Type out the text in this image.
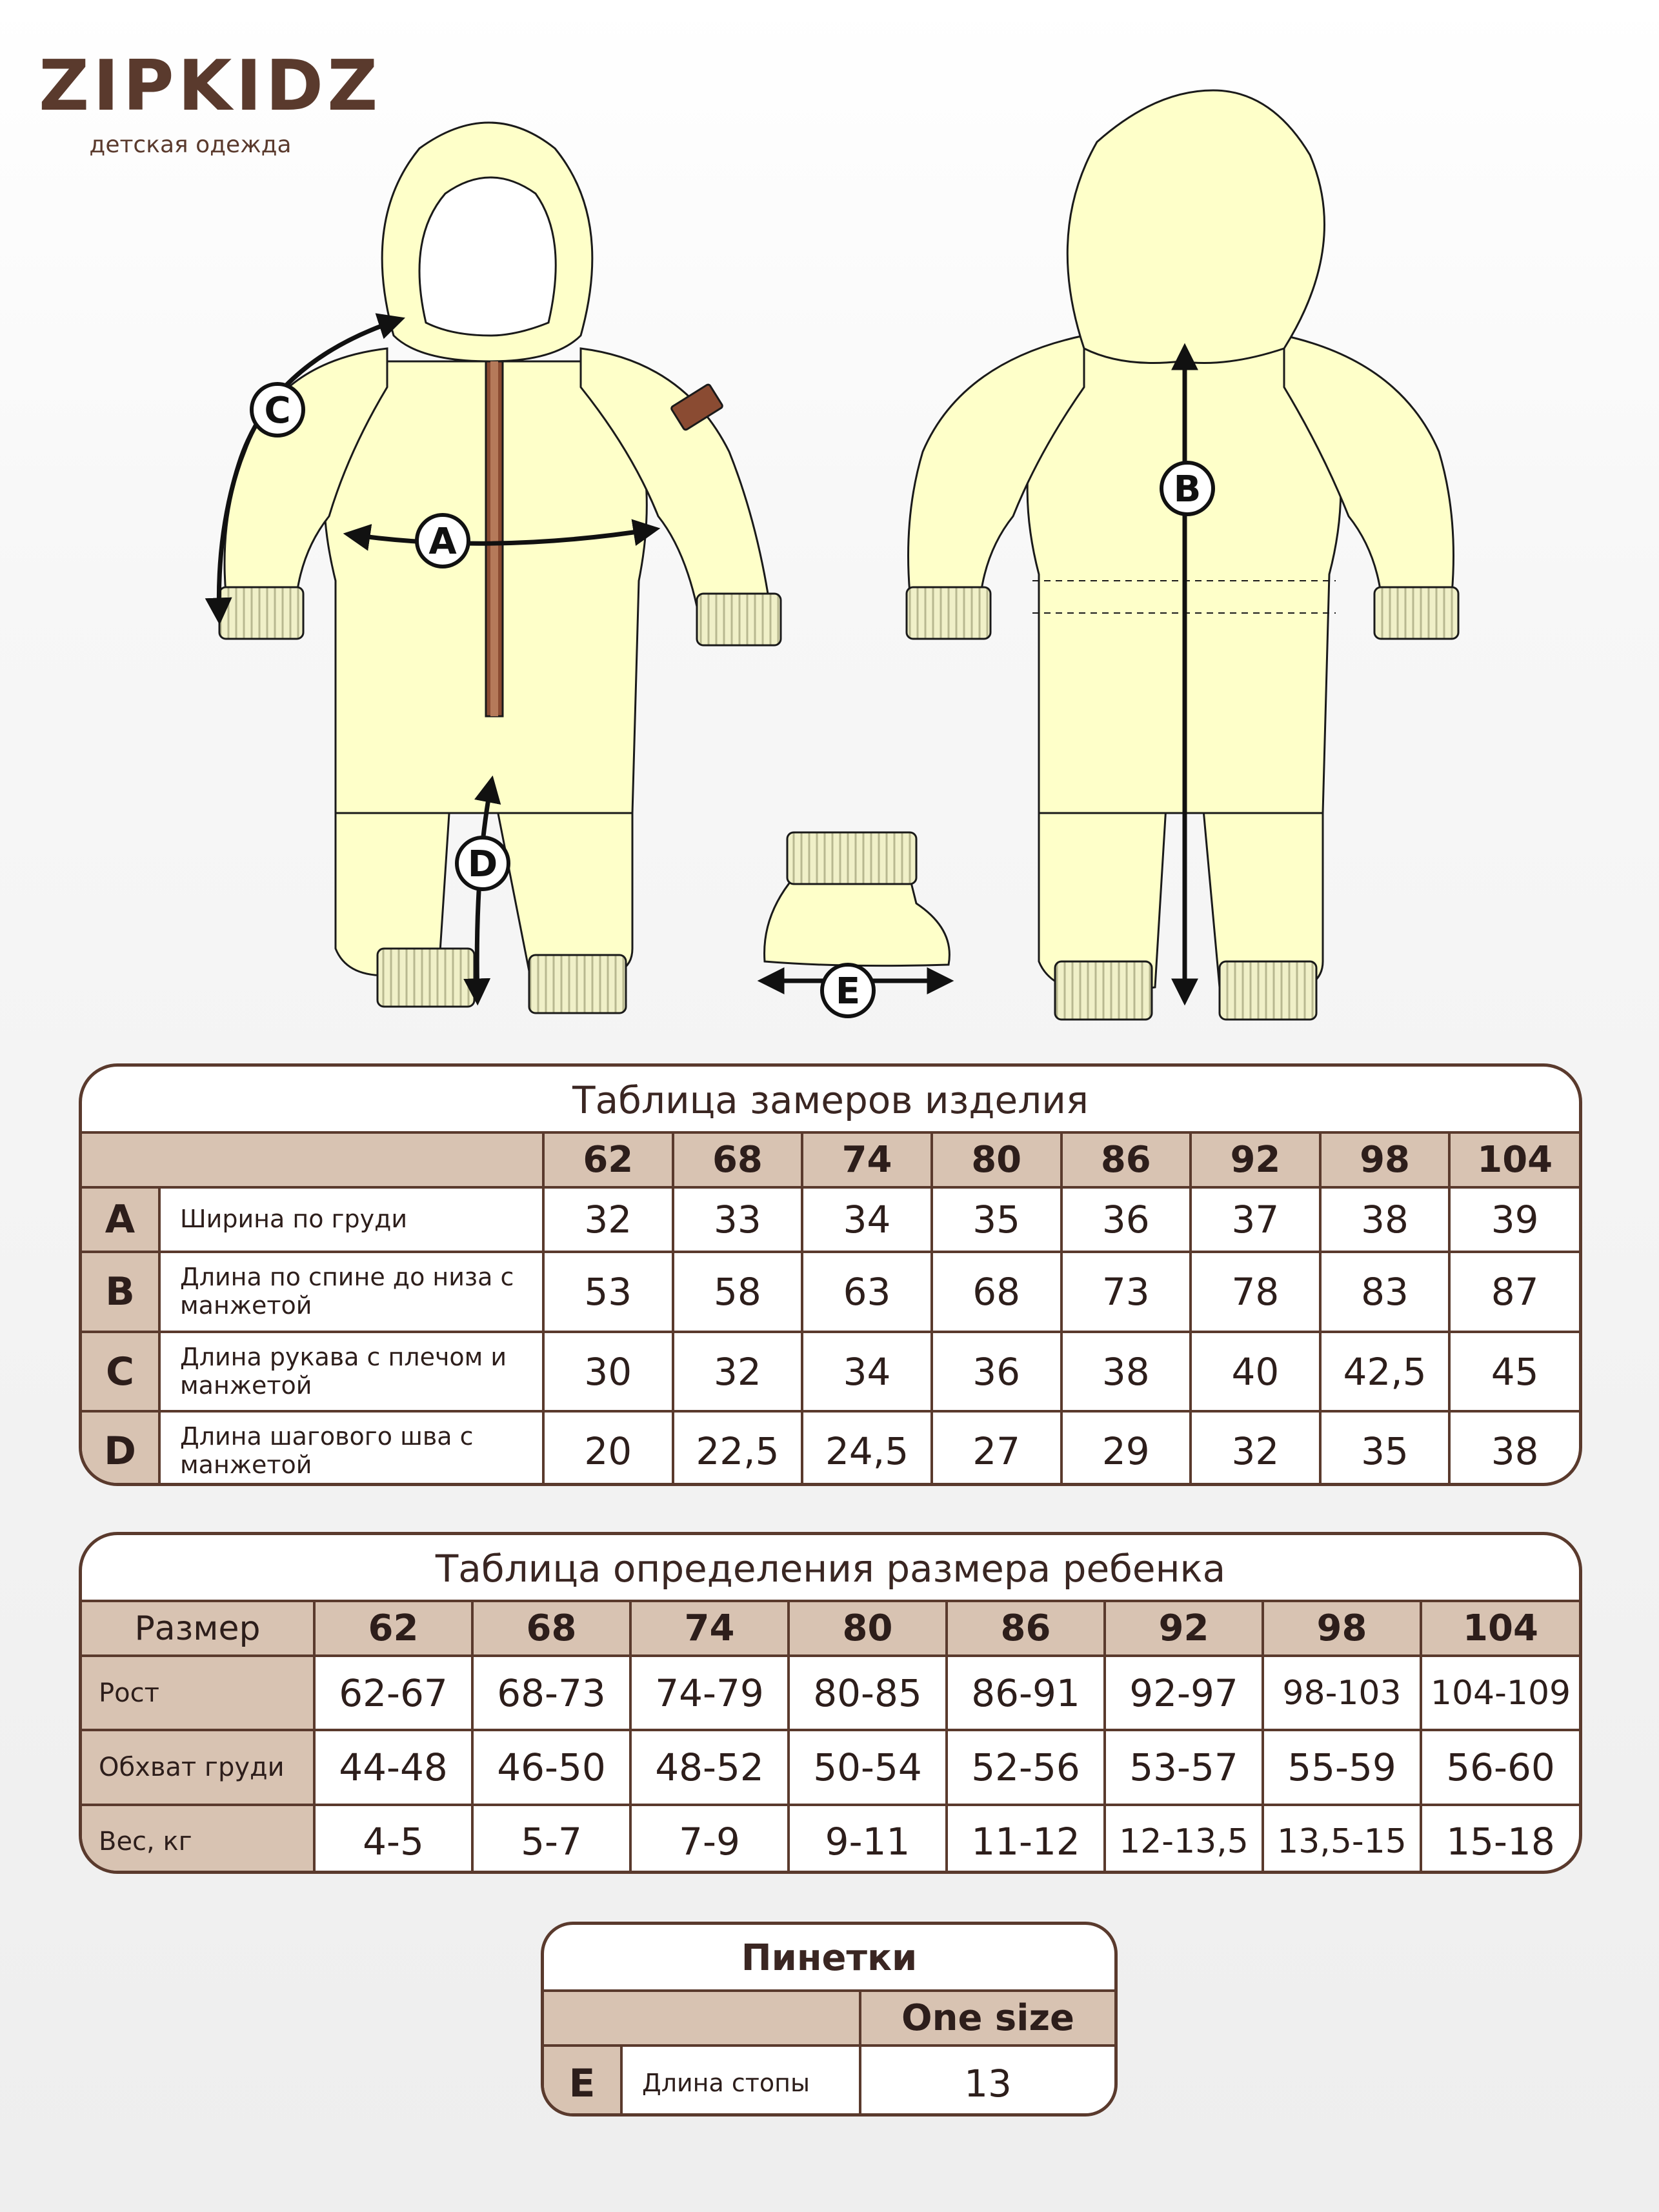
ZIPKIDZ
детская одежда
A
C
D
B
E
Таблица замеров изделия
		62	68	74	80	86	92	98	104
A	Ширина по груди	32	33	34	35	36	37	38	39
B	Длина по спине до низа с манжетой	53	58	63	68	73	78	83	87
C	Длина рукава с плечом и манжетой	30	32	34	36	38	40	42,5	45
D	Длина шагового шва с манжетой	20	22,5	24,5	27	29	32	35	38
Таблица определения размера ребенка
Размер	62	68	74	80	86	92	98	104
Рост	62-67	68-73	74-79	80-85	86-91	92-97	98-103	104-109
Обхват груди	44-48	46-50	48-52	50-54	52-56	53-57	55-59	56-60
Вес, кг	4-5	5-7	7-9	9-11	11-12	12-13,5	13,5-15	15-18
Пинетки
		One size
E	Длина стопы	13
